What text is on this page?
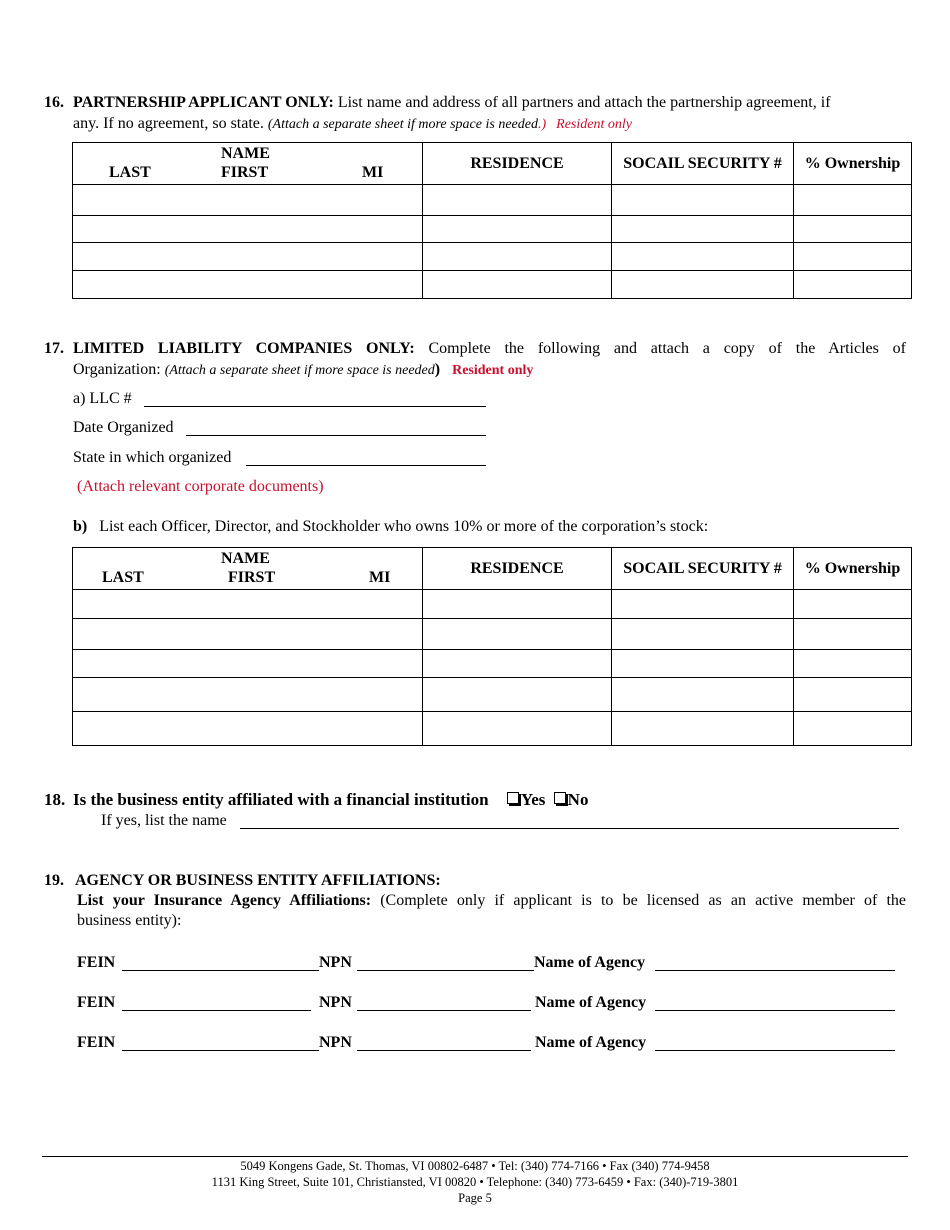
16. PARTNERSHIP APPLICANT ONLY: List name and address of all partners and attach the partnership agreement, if
any. If no agreement, so state. (Attach a separate sheet if more space is needed.) Resident only
NAME
LAST FIRST MI	RESIDENCE	SOCAIL SECURITY #	% Ownership

17. LIMITED LIABILITY COMPANIES ONLY: Complete the following and attach a copy of the Articles of
Organization: (Attach a separate sheet if more space is needed) Resident only
a) LLC #
Date Organized
State in which organized
(Attach relevant corporate documents)
b) List each Officer, Director, and Stockholder who owns 10% or more of the corporation’s stock:
NAME
LAST FIRST MI	RESIDENCE	SOCAIL SECURITY #	% Ownership

18. Is the business entity affiliated with a financial institution Yes No
If yes, list the name
19. AGENCY OR BUSINESS ENTITY AFFILIATIONS:
List your Insurance Agency Affiliations: (Complete only if applicant is to be licensed as an active member of the
business entity):
FEIN	NPN	Name of Agency
FEIN	NPN	Name of Agency
FEIN	NPN	Name of Agency
5049 Kongens Gade, St. Thomas, VI 00802-6487 • Tel: (340) 774-7166 • Fax (340) 774-9458
1131 King Street, Suite 101, Christiansted, VI 00820 • Telephone: (340) 773-6459 • Fax: (340)-719-3801
Page 5
